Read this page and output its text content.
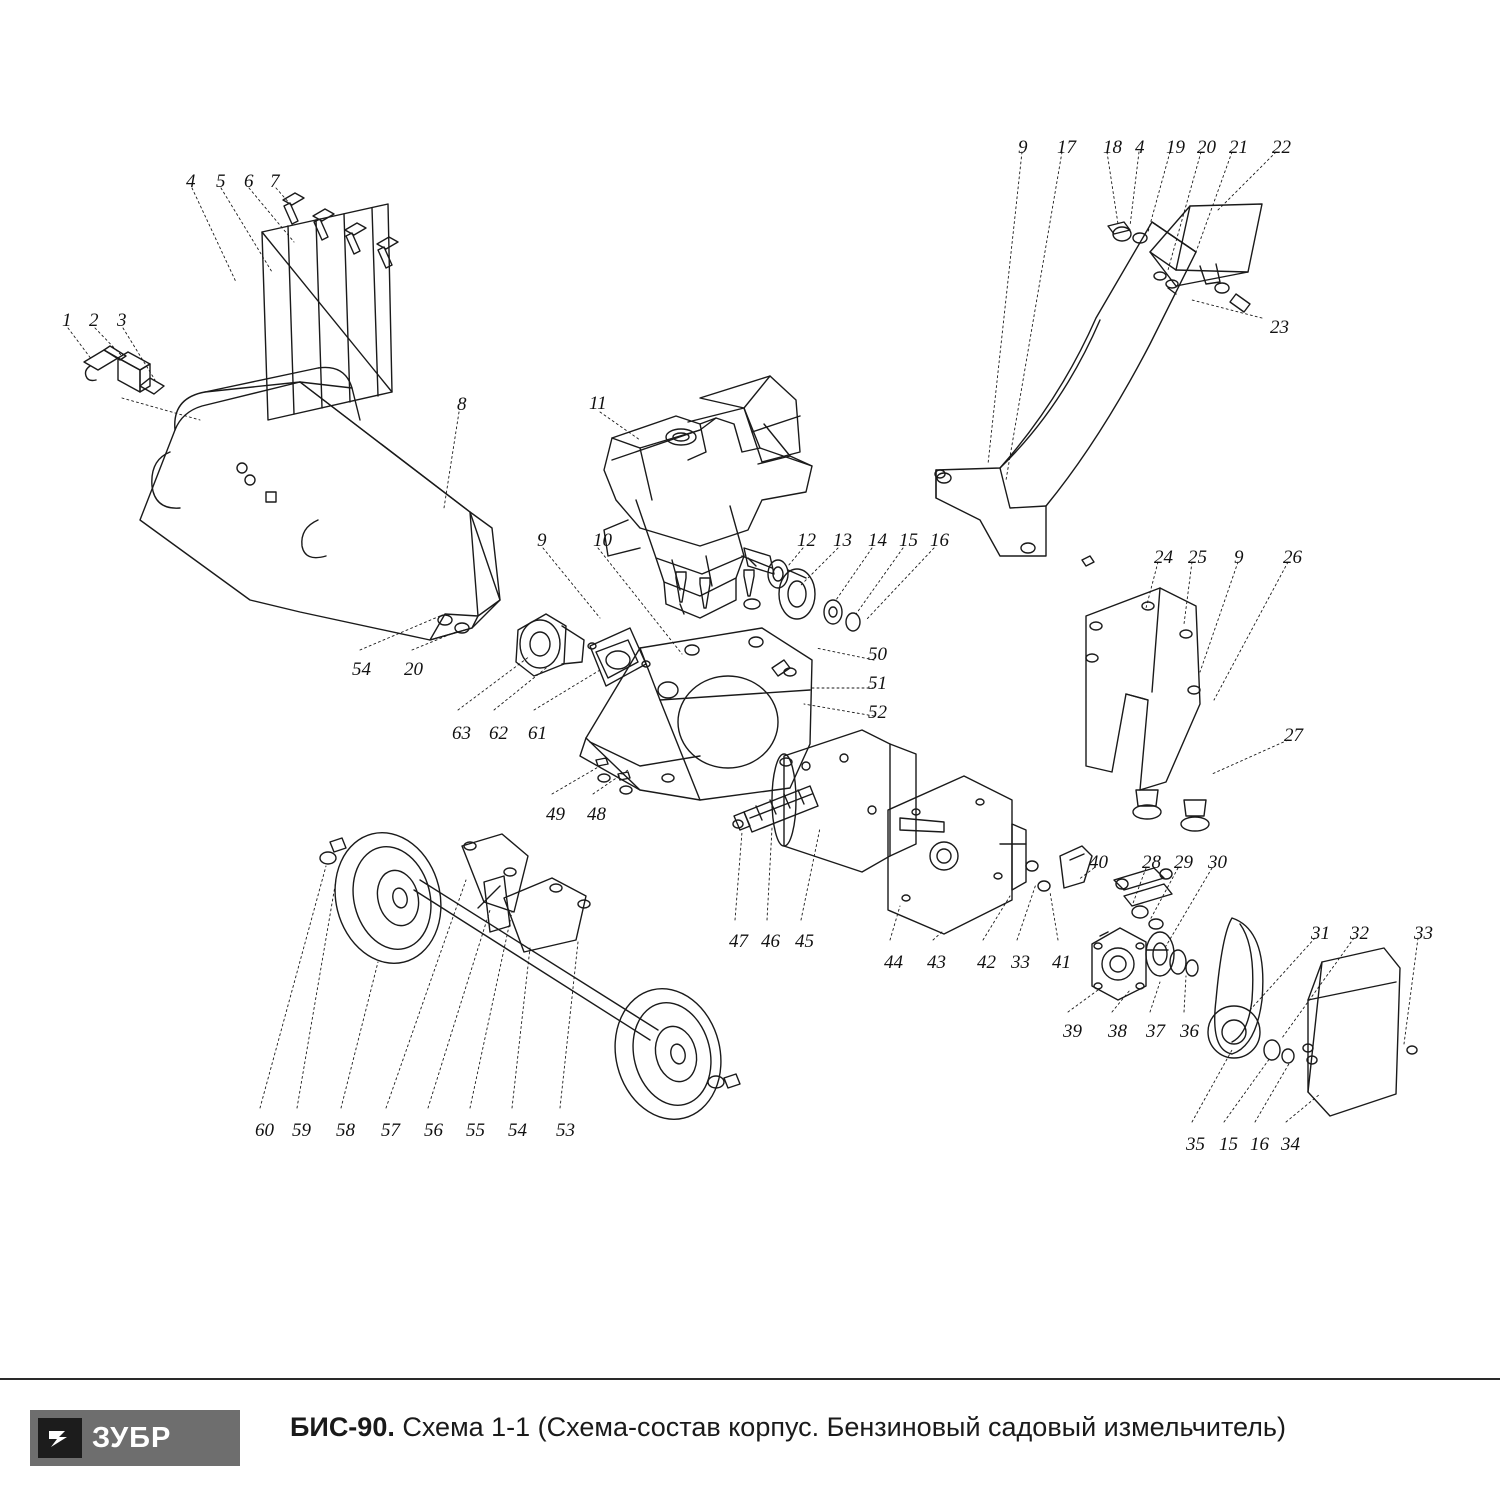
4 5 6 7
1 2 3
8	11
9 10	12 13 14 15 16
9 17 18 4 19 20 21 22
23
24 25 9 26
27
50
51
52
54 20
63 62 61
49 48
47 46 45
44 43 42 33 41
40 28 29 30
39 38 37 36
31 32 33
35 15 16 34
60 59 58 57 56 55 54 53
ЗУБР	БИС-90. Схема 1-1 (Схема-состав корпус. Бензиновый садовый измельчитель)
